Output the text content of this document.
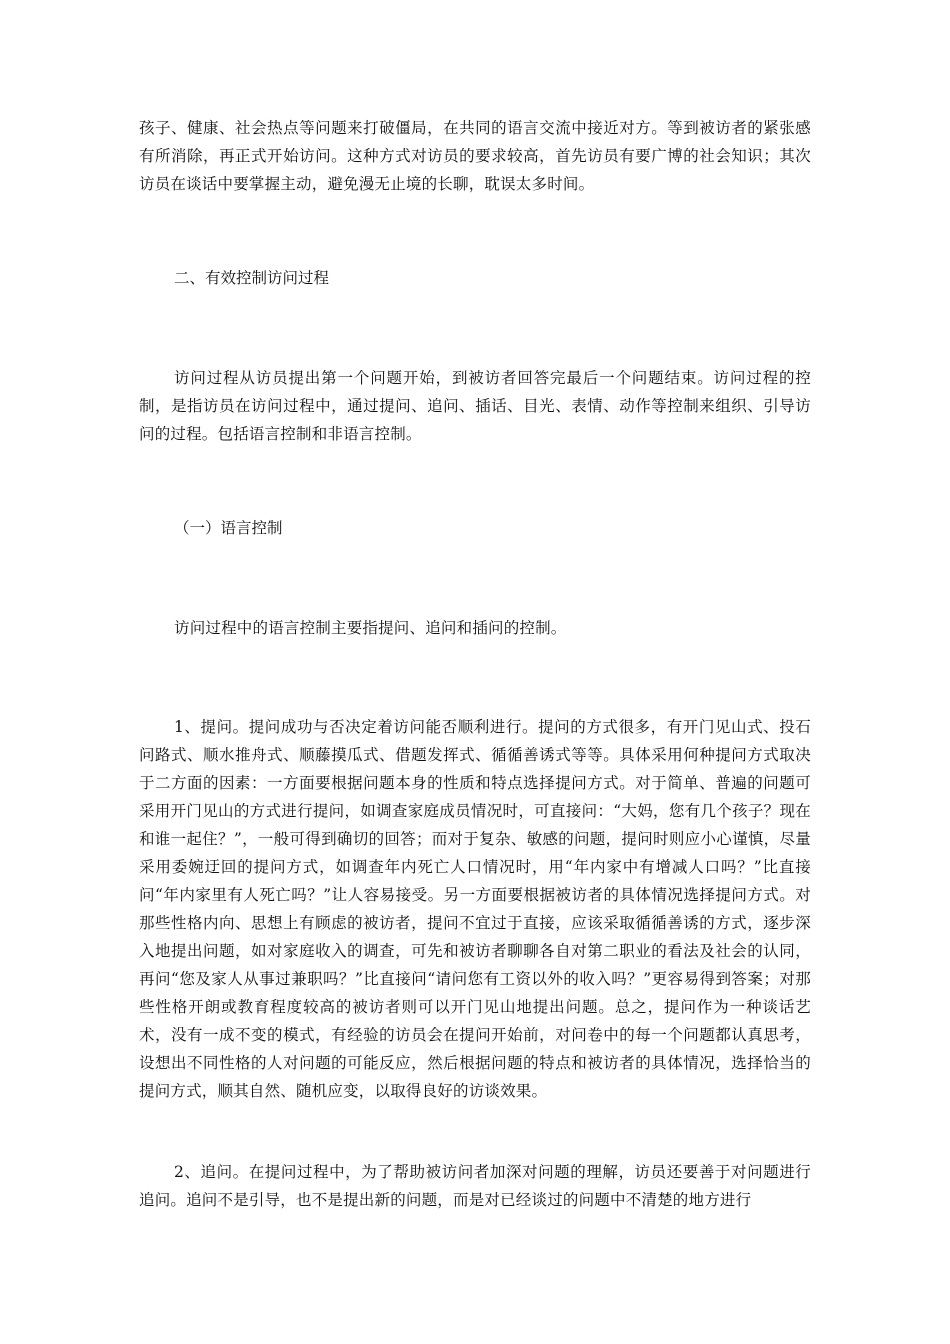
孩子、健康、社会热点等问题来打破僵局，在共同的语言交流中接近对方。等到被访者的紧张感有所消除，再正式开始访问。这种方式对访员的要求较高，首先访员有要广博的社会知识；其次访员在谈话中要掌握主动，避免漫无止境的长聊，耽误太多时间。

二、有效控制访问过程

访问过程从访员提出第一个问题开始，到被访者回答完最后一个问题结束。访问过程的控制，是指访员在访问过程中，通过提问、追问、插话、目光、表情、动作等控制来组织、引导访问的过程。包括语言控制和非语言控制。

（一）语言控制

访问过程中的语言控制主要指提问、追问和插问的控制。

1、提问。提问成功与否决定着访问能否顺利进行。提问的方式很多，有开门见山式、投石问路式、顺水推舟式、顺藤摸瓜式、借题发挥式、循循善诱式等等。具体采用何种提问方式取决于二方面的因素：一方面要根据问题本身的性质和特点选择提问方式。对于简单、普遍的问题可采用开门见山的方式进行提问，如调查家庭成员情况时，可直接问：“大妈，您有几个孩子？现在和谁一起住？”，一般可得到确切的回答；而对于复杂、敏感的问题，提问时则应小心谨慎，尽量采用委婉迂回的提问方式，如调查年内死亡人口情况时，用“年内家中有增减人口吗？”比直接问“年内家里有人死亡吗？”让人容易接受。另一方面要根据被访者的具体情况选择提问方式。对那些性格内向、思想上有顾虑的被访者，提问不宜过于直接，应该采取循循善诱的方式，逐步深入地提出问题，如对家庭收入的调查，可先和被访者聊聊各自对第二职业的看法及社会的认同，再问“您及家人从事过兼职吗？”比直接问“请问您有工资以外的收入吗？”更容易得到答案；对那些性格开朗或教育程度较高的被访者则可以开门见山地提出问题。总之，提问作为一种谈话艺术，没有一成不变的模式，有经验的访员会在提问开始前，对问卷中的每一个问题都认真思考，设想出不同性格的人对问题的可能反应，然后根据问题的特点和被访者的具体情况，选择恰当的提问方式，顺其自然、随机应变，以取得良好的访谈效果。

2、追问。在提问过程中，为了帮助被访问者加深对问题的理解，访员还要善于对问题进行追问。追问不是引导，也不是提出新的问题，而是对已经谈过的问题中不清楚的地方进行
